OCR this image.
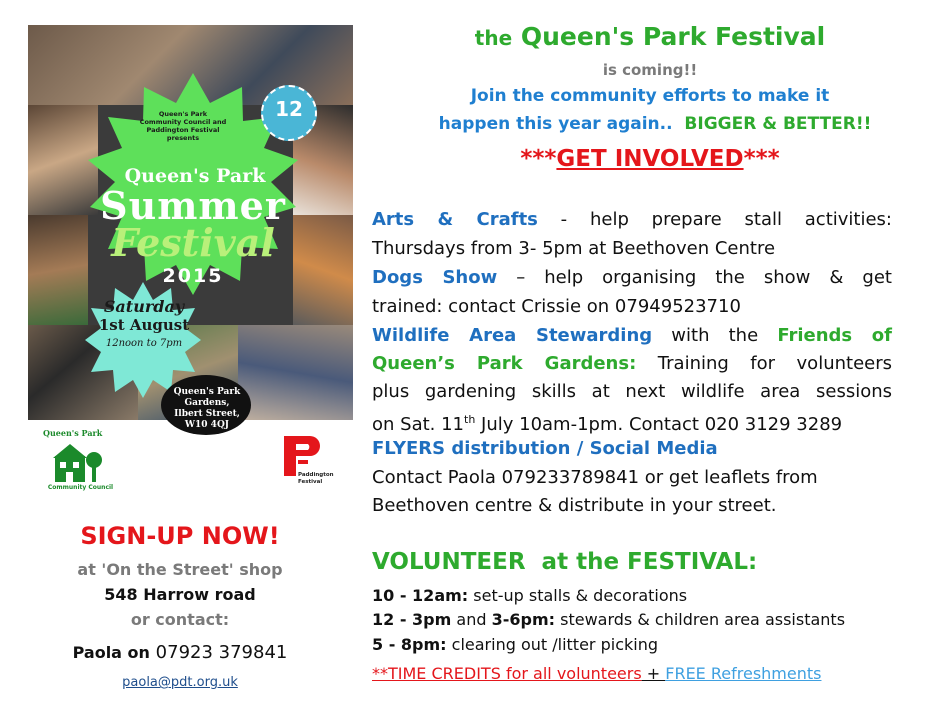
12
Queen's Park Community Council and Paddington Festival presents
Queen's Park
Summer
Festival
2015
Saturday
1st August
12noon to 7pm
Queen's Park
Gardens,
Ilbert Street,
W10 4QJ
Queen's Park
Community Council
Paddington
Festival
SIGN-UP NOW!
at 'On the Street' shop
548 Harrow road
or contact:
Paola on 07923 379841
paola@pdt.org.uk
the Queen's Park Festival
is coming!!
Join the community efforts to make it
happen this year again.. BIGGER & BETTER!!
***GET INVOLVED***
Arts & Crafts - help prepare stall activities:
Thursdays from 3- 5pm at Beethoven Centre
Dogs Show – help organising the show & get
trained: contact Crissie on 07949523710
Wildlife Area Stewarding with the Friends of
Queen’s Park Gardens: Training for volunteers
plus gardening skills at next wildlife area sessions
on Sat. 11th July 10am-1pm. Contact 020 3129 3289
FLYERS distribution / Social Media
Contact Paola 079233789841 or get leaflets from
Beethoven centre & distribute in your street.
VOLUNTEER  at the FESTIVAL:
10 - 12am: set-up stalls & decorations
12 - 3pm and 3-6pm: stewards & children area assistants
5 - 8pm: clearing out /litter picking
**TIME CREDITS for all volunteers + FREE Refreshments
